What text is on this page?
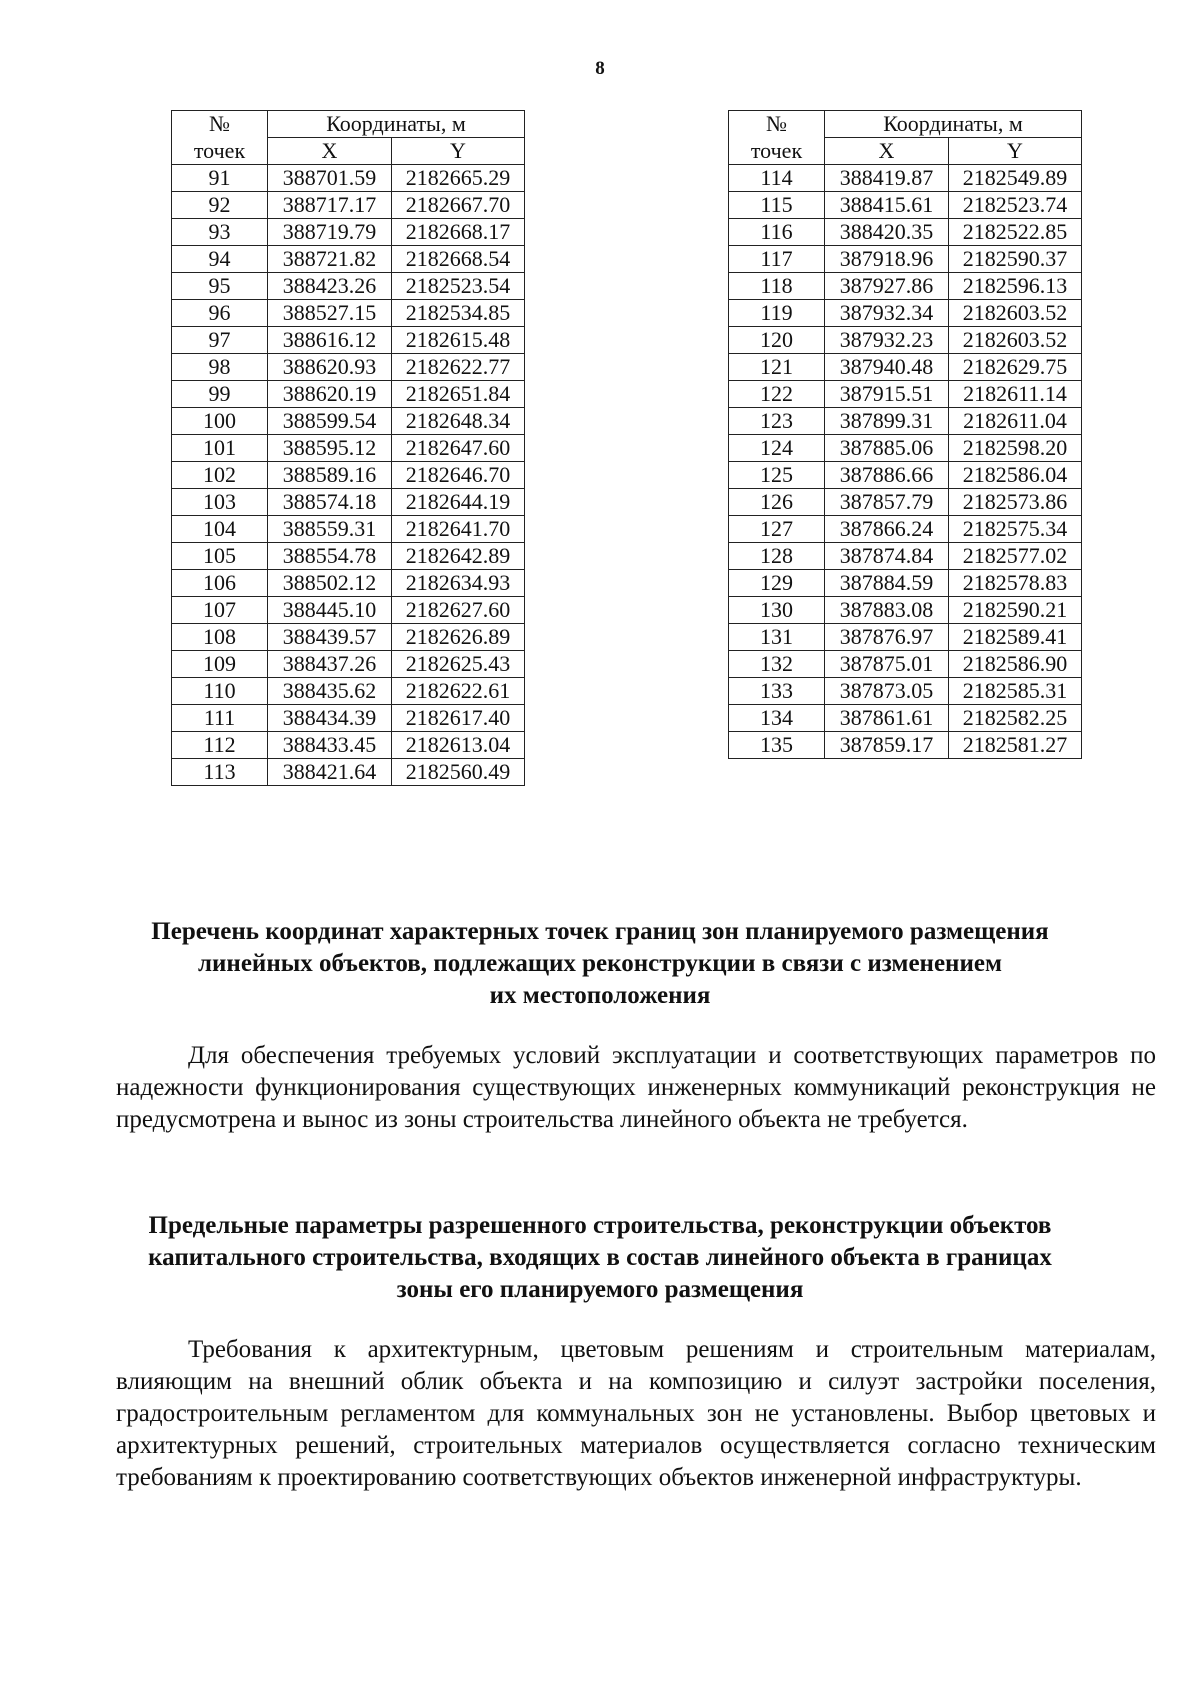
8
№	Координаты, м	
точек	X	Y
91	388701.59	2182665.29
92	388717.17	2182667.70
93	388719.79	2182668.17
94	388721.82	2182668.54
95	388423.26	2182523.54
96	388527.15	2182534.85
97	388616.12	2182615.48
98	388620.93	2182622.77
99	388620.19	2182651.84
100	388599.54	2182648.34
101	388595.12	2182647.60
102	388589.16	2182646.70
103	388574.18	2182644.19
104	388559.31	2182641.70
105	388554.78	2182642.89
106	388502.12	2182634.93
107	388445.10	2182627.60
108	388439.57	2182626.89
109	388437.26	2182625.43
110	388435.62	2182622.61
111	388434.39	2182617.40
112	388433.45	2182613.04
113	388421.64	2182560.49
№	Координаты, м	
точек	X	Y
114	388419.87	2182549.89
115	388415.61	2182523.74
116	388420.35	2182522.85
117	387918.96	2182590.37
118	387927.86	2182596.13
119	387932.34	2182603.52
120	387932.23	2182603.52
121	387940.48	2182629.75
122	387915.51	2182611.14
123	387899.31	2182611.04
124	387885.06	2182598.20
125	387886.66	2182586.04
126	387857.79	2182573.86
127	387866.24	2182575.34
128	387874.84	2182577.02
129	387884.59	2182578.83
130	387883.08	2182590.21
131	387876.97	2182589.41
132	387875.01	2182586.90
133	387873.05	2182585.31
134	387861.61	2182582.25
135	387859.17	2182581.27
Перечень координат характерных точек границ зон планируемого размещения
линейных объектов, подлежащих реконструкции в связи с изменением
их местоположения
Для обеспечения требуемых условий эксплуатации и соответствующих параметров по надежности функционирования существующих инженерных коммуникаций реконструкция не предусмотрена и вынос из зоны строительства линейного объекта не требуется.
Предельные параметры разрешенного строительства, реконструкции объектов
капитального строительства, входящих в состав линейного объекта в границах
зоны его планируемого размещения
Требования к архитектурным, цветовым решениям и строительным материалам, влияющим на внешний облик объекта и на композицию и силуэт застройки поселения, градостроительным регламентом для коммунальных зон не установлены. Выбор цветовых и архитектурных решений, строительных материалов осуществляется согласно техническим требованиям к проектированию соответствующих объектов инженерной инфраструктуры.
